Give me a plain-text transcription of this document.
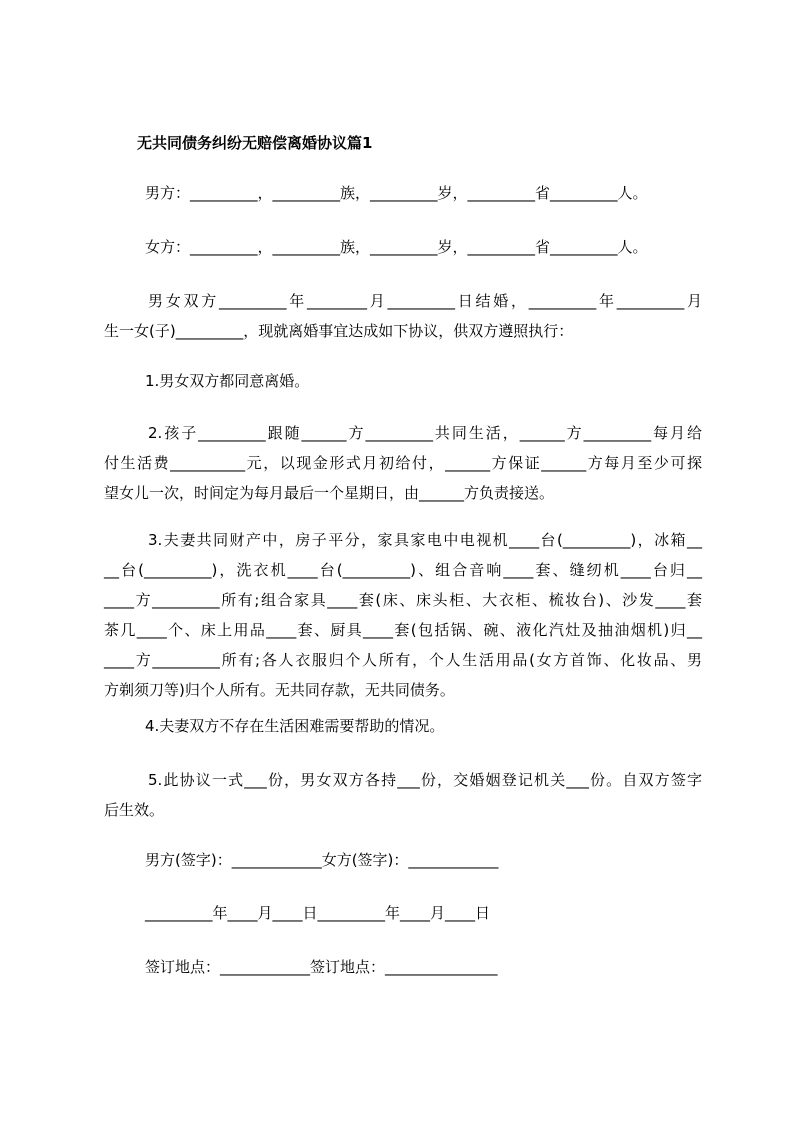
无共同债务纠纷无赔偿离婚协议篇1
男方：_________，_________族，_________岁，_________省_________人。
女方：_________，_________族，_________岁，_________省_________人。
男女双方_________年________月_________日结婚，_________年_________月
生一女(子)_________，现就离婚事宜达成如下协议，供双方遵照执行：
1.男女双方都同意离婚。
2.孩子_________跟随______方_________共同生活，______方_________每月给
付生活费__________元，以现金形式月初给付，______方保证______方每月至少可探
望女儿一次，时间定为每月最后一个星期日，由______方负责接送。
3.夫妻共同财产中，房子平分，家具家电中电视机____台(_________)，冰箱__
__台(_________)，洗衣机____台(_________)、组合音响____套、缝纫机____台归__
____方_________所有;组合家具____套(床、床头柜、大衣柜、梳妆台)、沙发____套
茶几____个、床上用品____套、厨具____套(包括锅、碗、液化汽灶及抽油烟机)归__
____方_________所有;各人衣服归个人所有，个人生活用品(女方首饰、化妆品、男
方剃须刀等)归个人所有。无共同存款，无共同债务。
4.夫妻双方不存在生活困难需要帮助的情况。
5.此协议一式___份，男女双方各持___份，交婚姻登记机关___份。自双方签字
后生效。
男方(签字)：____________女方(签字)：____________
_________年____月____日_________年____月____日
签订地点：____________签订地点：_______________
